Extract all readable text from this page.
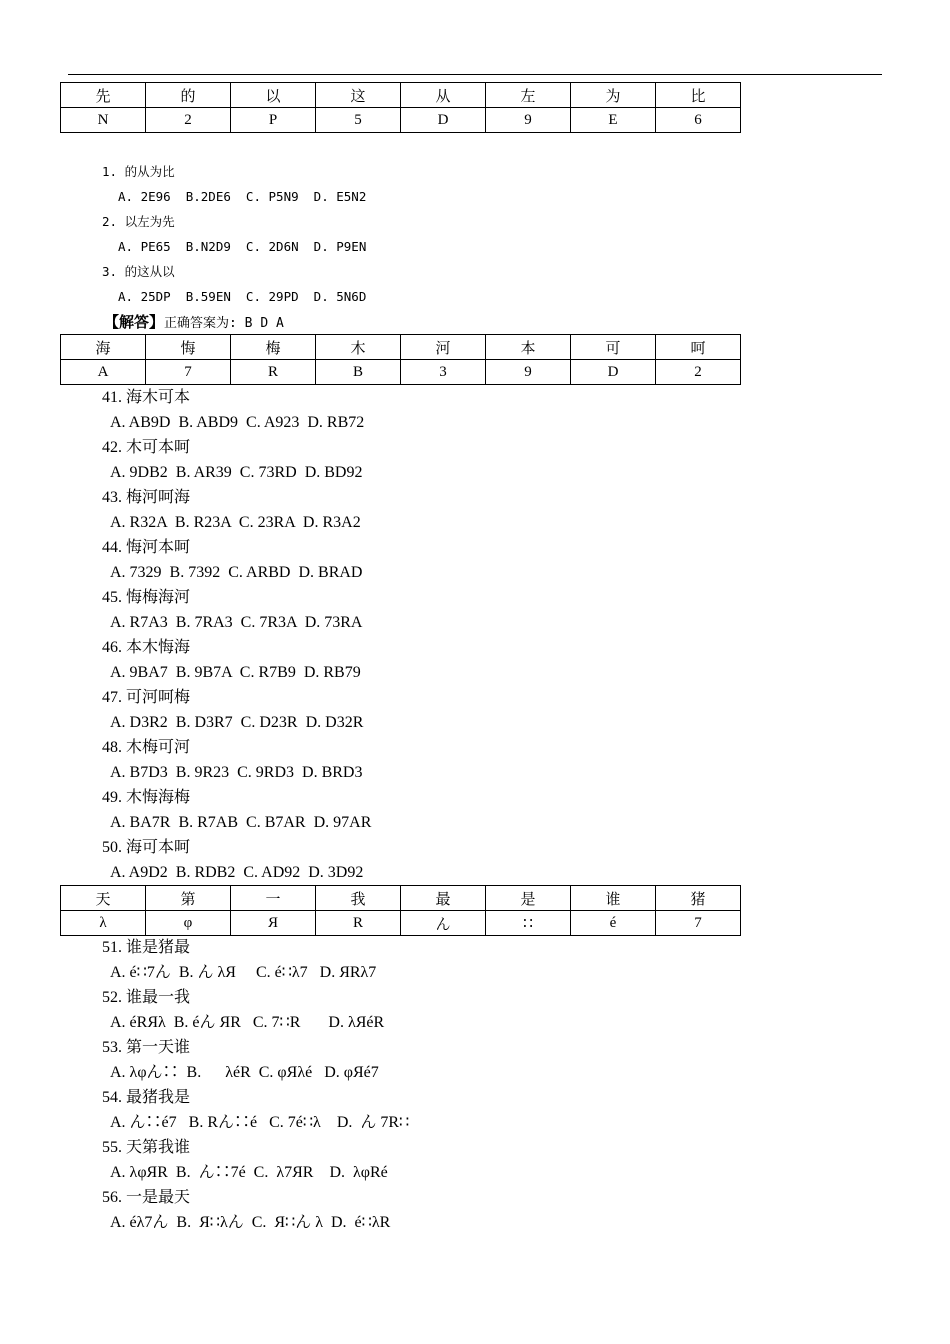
先	的	以	这	从	左	为	比
N	2	P	5	D	9	E	6
1. 的从为比
A. 2E96  B.2DE6  C. P5N9  D. E5N2
2. 以左为先
A. PE65  B.N2D9  C. 2D6N  D. P9EN
3. 的这从以
A. 25DP  B.59EN  C. 29PD  D. 5N6D
【解答】正确答案为: B D A
海	悔	梅	木	河	本	可	呵
A	7	R	B	3	9	D	2
41. 海木可本
A. AB9D  B. ABD9  C. A923  D. RB72
42. 木可本呵
A. 9DB2  B. AR39  C. 73RD  D. BD92
43. 梅河呵海
A. R32A  B. R23A  C. 23RA  D. R3A2
44. 悔河本呵
A. 7329  B. 7392  C. ARBD  D. BRAD
45. 悔梅海河
A. R7A3  B. 7RA3  C. 7R3A  D. 73RA
46. 本木悔海
A. 9BA7  B. 9B7A  C. R7B9  D. RB79
47. 可河呵梅
A. D3R2  B. D3R7  C. D23R  D. D32R
48. 木梅可河
A. B7D3  B. 9R23  C. 9RD3  D. BRD3
49. 木悔海梅
A. BA7R  B. R7AB  C. B7AR  D. 97AR
50. 海可本呵
A. A9D2  B. RDB2  C. AD92  D. 3D92
天	第	一	我	最	是	谁	猪
λ	φ	Я	R	ん	∷	é	7
51. 谁是猪最
A. é∷7ん  B. ん λЯ     C. é∷λ7   D. ЯRλ7
52. 谁最一我
A. éRЯλ  B. éん ЯR   C. 7∷R       D. λЯéR
53. 第一天谁
A. λφん∷  B.      λéR  C. φЯλé   D. φЯé7
54. 最猪我是
A. ん∷é7   B. Rん∷é   C. 7é∷λ    D.  ん 7R∷
55. 天第我谁
A. λφЯR  B.  ん∷7é  C.  λ7ЯR    D.  λφRé
56. 一是最天
A. éλ7ん  B.  Я∷λん  C.  Я∷ん λ  D.  é∷λR
